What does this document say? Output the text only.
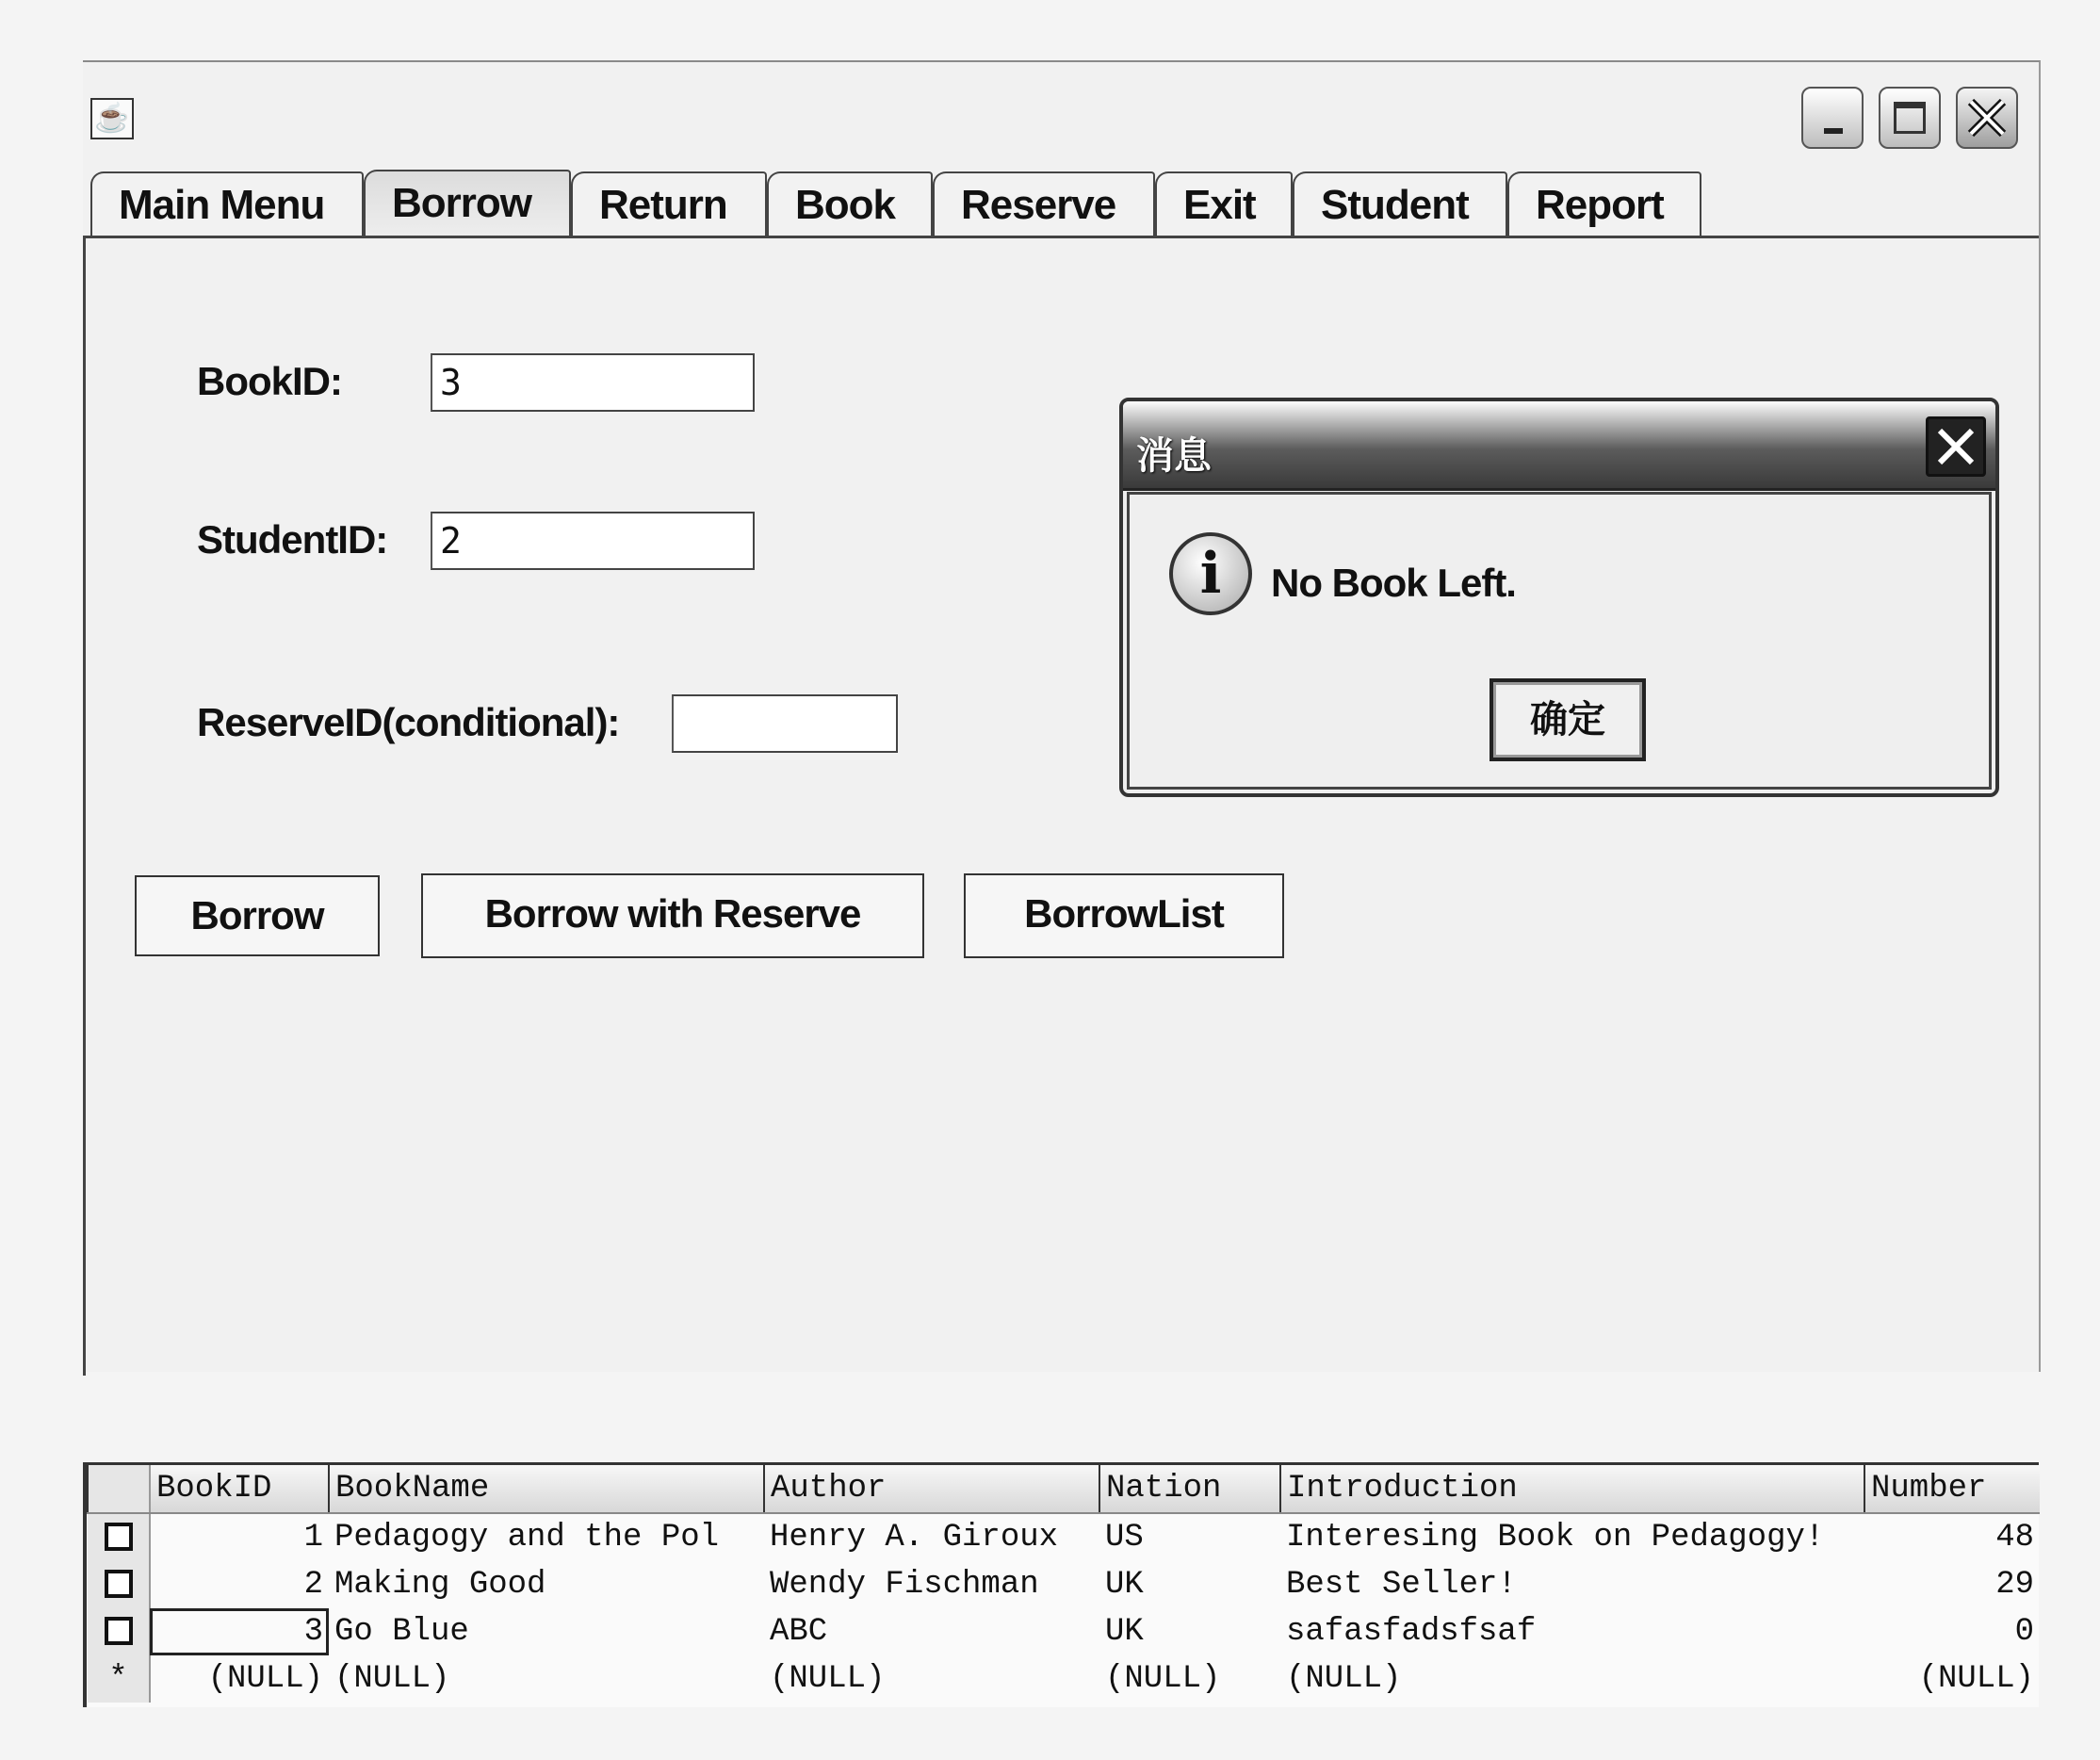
☕
Main Menu	Borrow	Return	Book	Reserve	Exit	Student	Report
BookID:	3
StudentID: 2
ReserveID(conditional):
Borrow	Borrow with Reserve	BorrowList
消息
i	No Book Left.
确定
	BookID	BookName	Author	Nation	Introduction	Number
	1	Pedagogy and the Pol	Henry A. Giroux	US	Interesing Book on Pedagogy!	48
	2	Making Good	Wendy Fischman	UK	Best Seller!	29
	3	Go Blue	ABC	UK	safasfadsfsaf	0
*	(NULL)	(NULL)	(NULL)	(NULL)	(NULL)	(NULL)
